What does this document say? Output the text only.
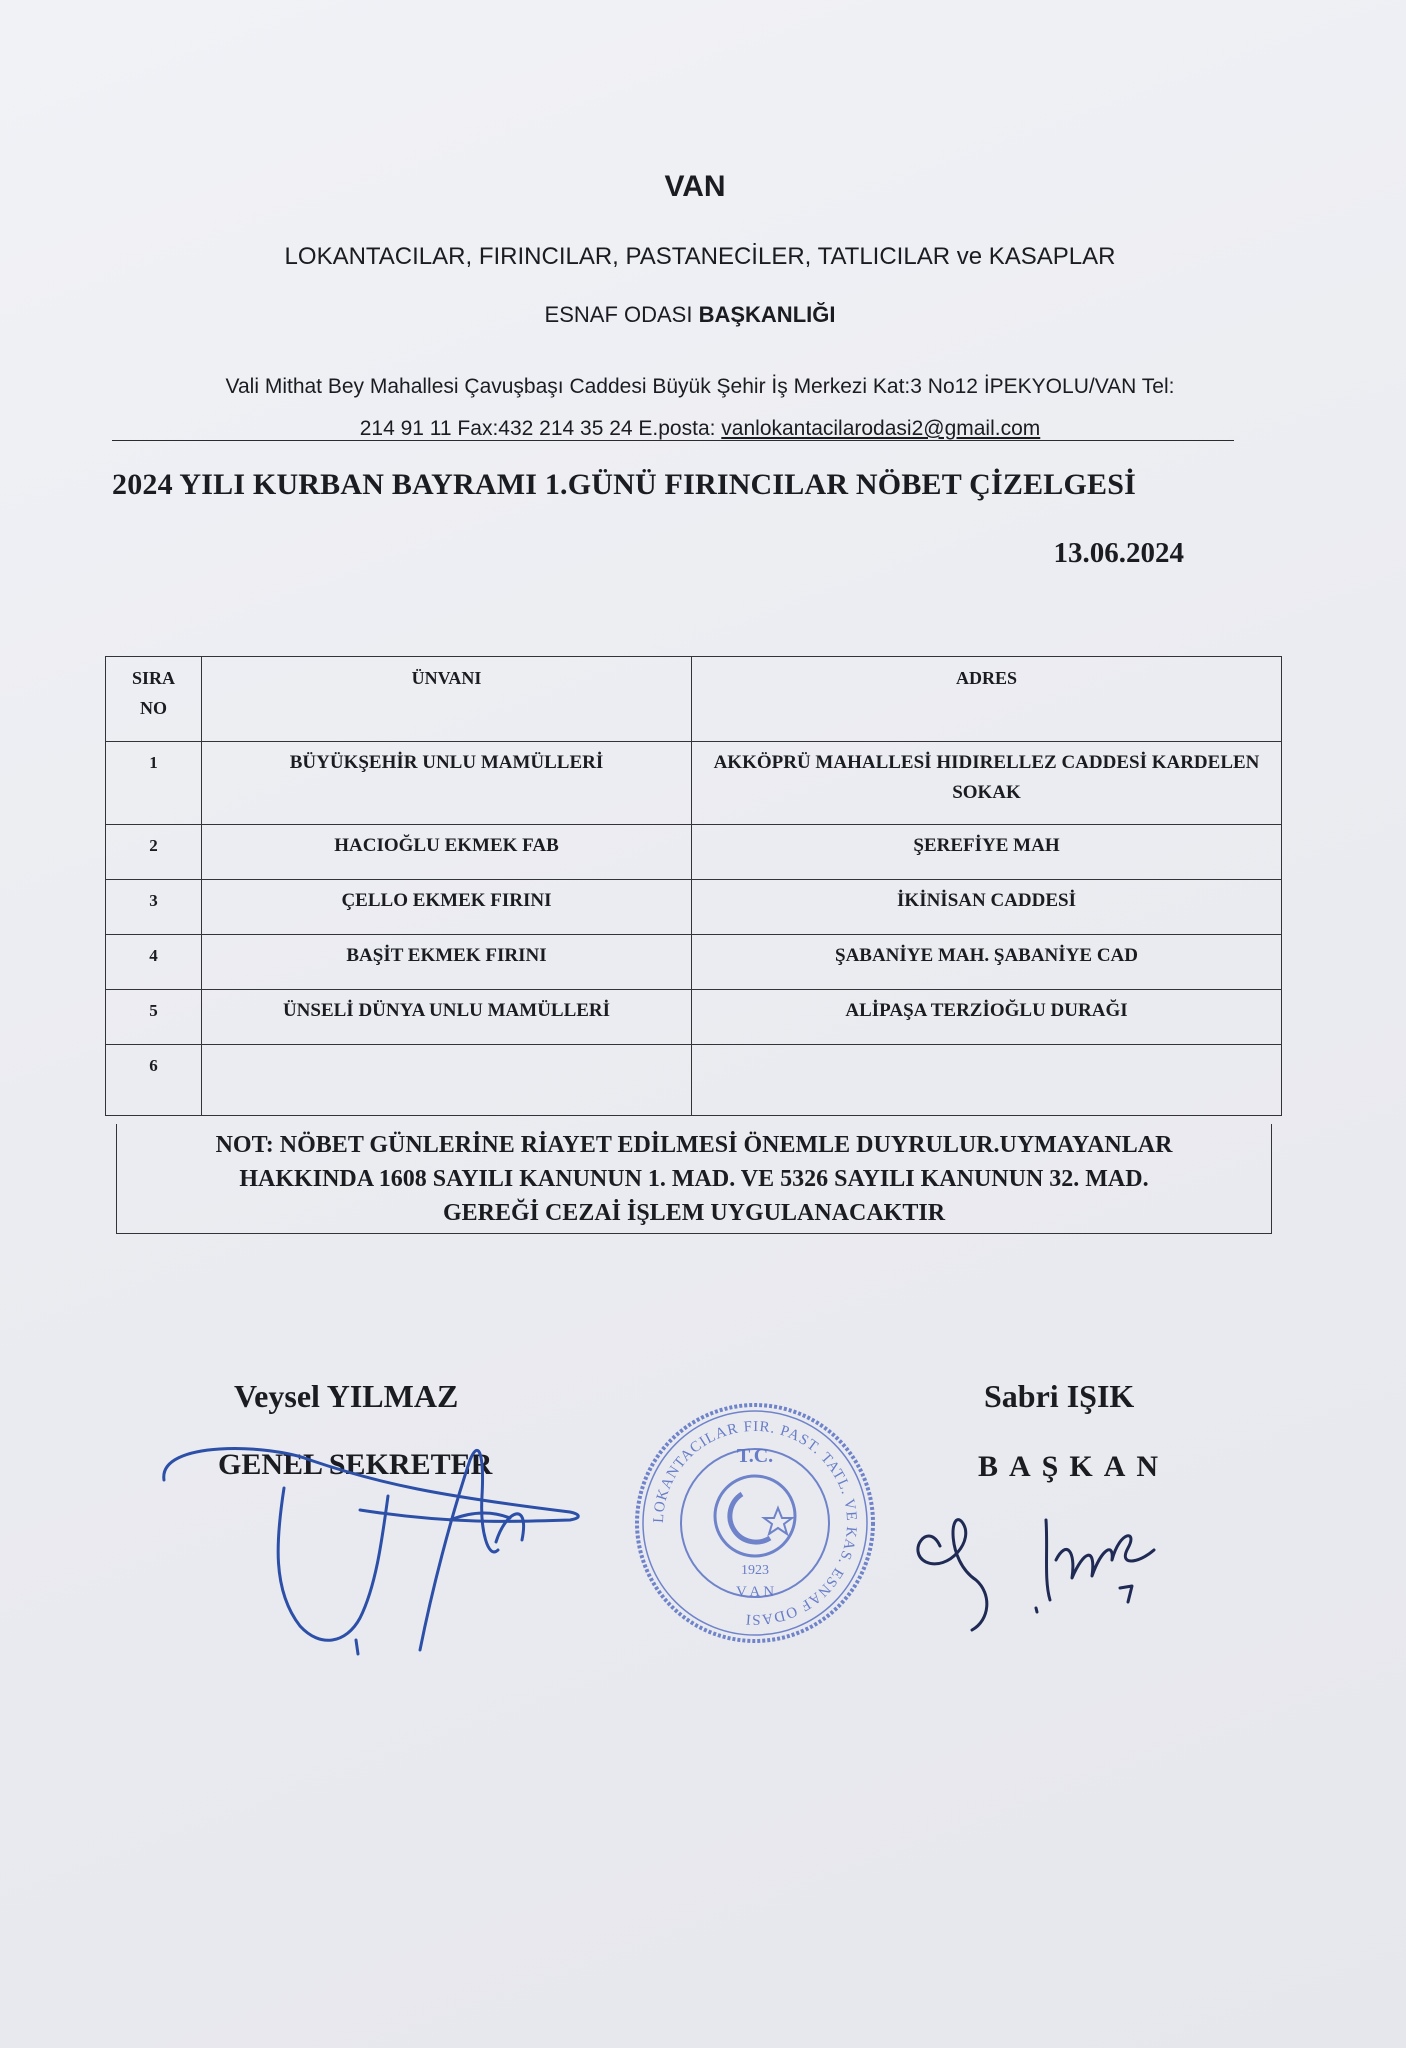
VAN
LOKANTACILAR, FIRINCILAR, PASTANECİLER, TATLICILAR ve KASAPLAR
ESNAF ODASI BAŞKANLIĞI
Vali Mithat Bey Mahallesi Çavuşbaşı Caddesi Büyük Şehir İş Merkezi Kat:3 No12 İPEKYOLU/VAN Tel:
214 91 11 Fax:432 214 35 24 E.posta: vanlokantacilarodasi2@gmail.com
2024 YILI KURBAN BAYRAMI 1.GÜNÜ FIRINCILAR NÖBET ÇİZELGESİ
13.06.2024
SIRA
NO	ÜNVANI	ADRES
1	BÜYÜKŞEHİR UNLU MAMÜLLERİ	AKKÖPRÜ MAHALLESİ HIDIRELLEZ CADDESİ KARDELEN SOKAK
2	HACIOĞLU EKMEK FAB	ŞEREFİYE MAH
3	ÇELLO EKMEK FIRINI	İKİNİSAN CADDESİ
4	BAŞİT EKMEK FIRINI	ŞABANİYE MAH. ŞABANİYE CAD
5	ÜNSELİ DÜNYA UNLU MAMÜLLERİ	ALİPAŞA TERZİOĞLU DURAĞI
6		
NOT: NÖBET GÜNLERİNE RİAYET EDİLMESİ ÖNEMLE DUYRULUR.UYMAYANLAR
HAKKINDA 1608 SAYILI KANUNUN 1. MAD. VE 5326 SAYILI KANUNUN 32. MAD.
GEREĞİ CEZAİ İŞLEM UYGULANACAKTIR
Veysel YILMAZ
GENEL SEKRETER
Sabri IŞIK
BAŞKAN
LOKANTACILAR FIR. PAST. TATL. VE KAS. ESNAF ODASI
T.C.
1923
V A N
